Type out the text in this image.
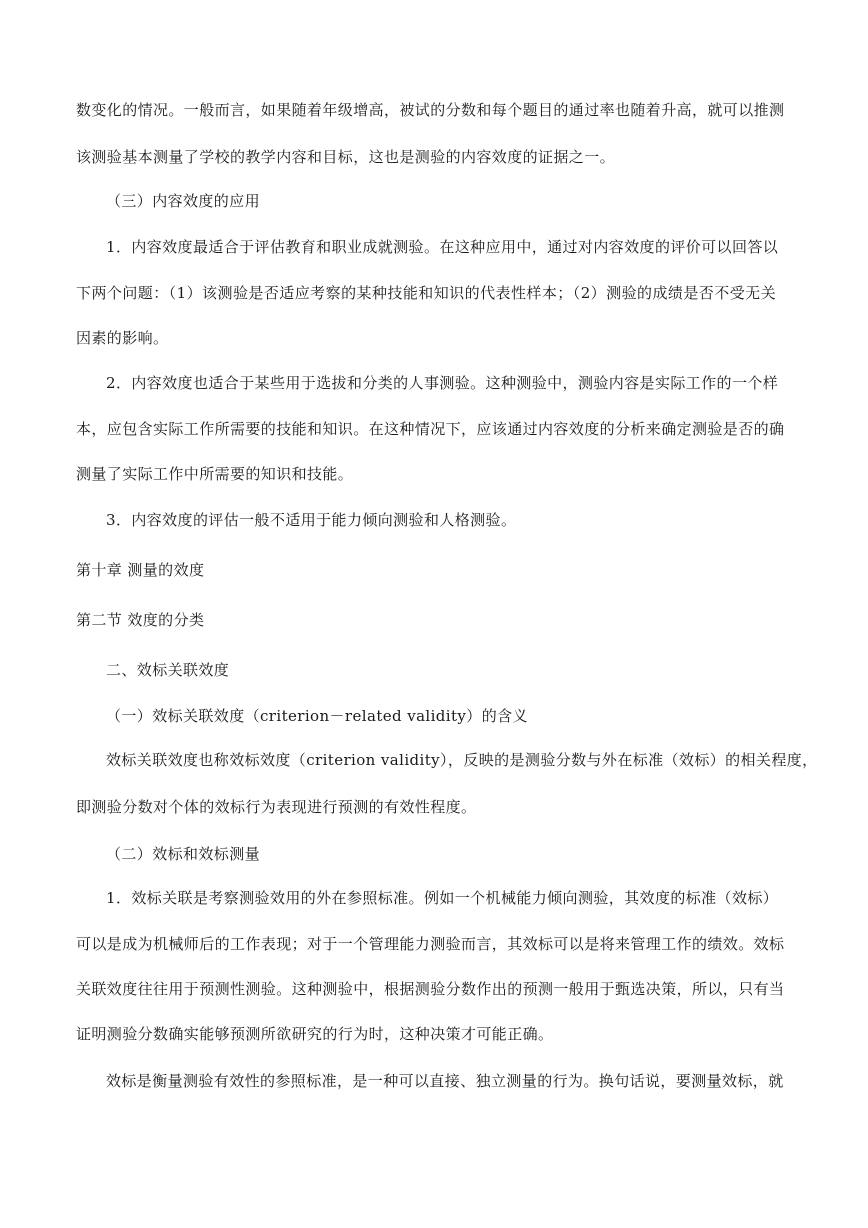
数变化的情况。一般而言，如果随着年级增高，被试的分数和每个题目的通过率也随着升高，就可以推测
该测验基本测量了学校的教学内容和目标，这也是测验的内容效度的证据之一。
（三）内容效度的应用
1．内容效度最适合于评估教育和职业成就测验。在这种应用中，通过对内容效度的评价可以回答以
下两个问题：（1）该测验是否适应考察的某种技能和知识的代表性样本；（2）测验的成绩是否不受无关
因素的影响。
2．内容效度也适合于某些用于选拔和分类的人事测验。这种测验中，测验内容是实际工作的一个样
本，应包含实际工作所需要的技能和知识。在这种情况下，应该通过内容效度的分析来确定测验是否的确
测量了实际工作中所需要的知识和技能。
3．内容效度的评估一般不适用于能力倾向测验和人格测验。
第十章 测量的效度
第二节 效度的分类
二、效标关联效度
（一）效标关联效度（criterion－related validity）的含义
效标关联效度也称效标效度（criterion validity），反映的是测验分数与外在标准（效标）的相关程度，
即测验分数对个体的效标行为表现进行预测的有效性程度。
（二）效标和效标测量
1．效标关联是考察测验效用的外在参照标准。例如一个机械能力倾向测验，其效度的标准（效标）
可以是成为机械师后的工作表现；对于一个管理能力测验而言，其效标可以是将来管理工作的绩效。效标
关联效度往往用于预测性测验。这种测验中，根据测验分数作出的预测一般用于甄选决策，所以，只有当
证明测验分数确实能够预测所欲研究的行为时，这种决策才可能正确。
效标是衡量测验有效性的参照标准，是一种可以直接、独立测量的行为。换句话说，要测量效标，就
